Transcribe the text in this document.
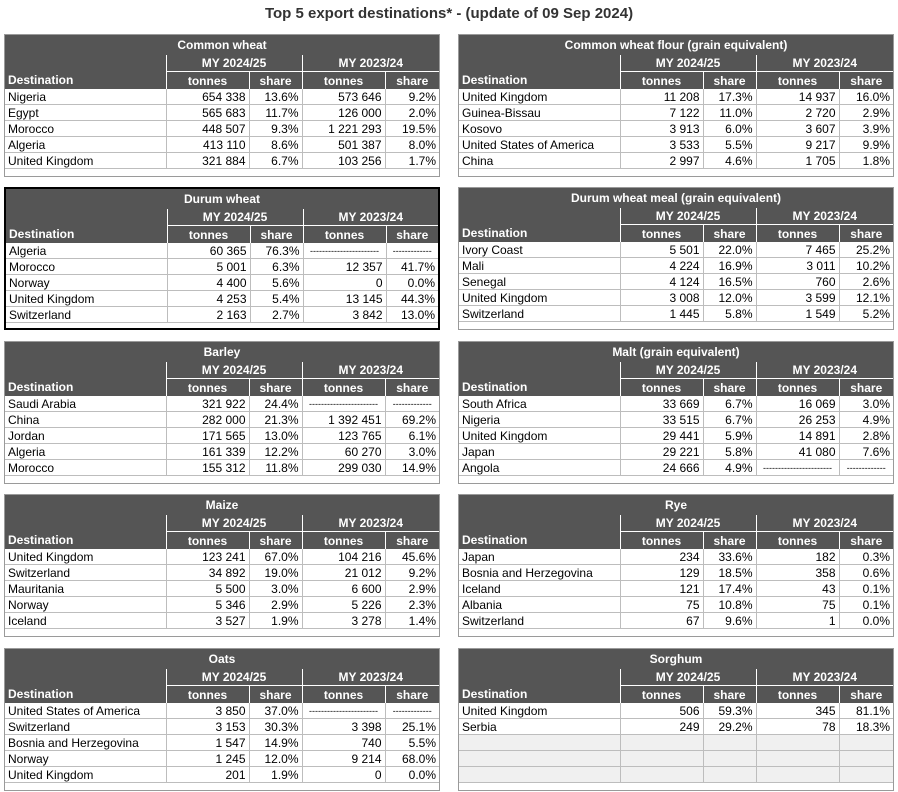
Top 5 export destinations* - (update of 09 Sep 2024)
Common wheat				
	MY 2024/25		MY 2023/24	
Destination	tonnes	share	tonnes	share
Nigeria	654 338	13.6%	573 646	9.2%
Egypt	565 683	11.7%	126 000	2.0%
Morocco	448 507	9.3%	1 221 293	19.5%
Algeria	413 110	8.6%	501 387	8.0%
United Kingdom	321 884	6.7%	103 256	1.7%
Common wheat flour (grain equivalent)				
	MY 2024/25		MY 2023/24	
Destination	tonnes	share	tonnes	share
United Kingdom	11 208	17.3%	14 937	16.0%
Guinea-Bissau	7 122	11.0%	2 720	2.9%
Kosovo	3 913	6.0%	3 607	3.9%
United States of America	3 533	5.5%	9 217	9.9%
China	2 997	4.6%	1 705	1.8%
Durum wheat				
	MY 2024/25		MY 2023/24	
Destination	tonnes	share	tonnes	share
Algeria	60 365	76.3%	-----------------------	-------------
Morocco	5 001	6.3%	12 357	41.7%
Norway	4 400	5.6%	0	0.0%
United Kingdom	4 253	5.4%	13 145	44.3%
Switzerland	2 163	2.7%	3 842	13.0%
Durum wheat meal (grain equivalent)				
	MY 2024/25		MY 2023/24	
Destination	tonnes	share	tonnes	share
Ivory Coast	5 501	22.0%	7 465	25.2%
Mali	4 224	16.9%	3 011	10.2%
Senegal	4 124	16.5%	760	2.6%
United Kingdom	3 008	12.0%	3 599	12.1%
Switzerland	1 445	5.8%	1 549	5.2%
Barley				
	MY 2024/25		MY 2023/24	
Destination	tonnes	share	tonnes	share
Saudi Arabia	321 922	24.4%	-----------------------	-------------
China	282 000	21.3%	1 392 451	69.2%
Jordan	171 565	13.0%	123 765	6.1%
Algeria	161 339	12.2%	60 270	3.0%
Morocco	155 312	11.8%	299 030	14.9%
Malt (grain equivalent)				
	MY 2024/25		MY 2023/24	
Destination	tonnes	share	tonnes	share
South Africa	33 669	6.7%	16 069	3.0%
Nigeria	33 515	6.7%	26 253	4.9%
United Kingdom	29 441	5.9%	14 891	2.8%
Japan	29 221	5.8%	41 080	7.6%
Angola	24 666	4.9%	-----------------------	-------------
Maize				
	MY 2024/25		MY 2023/24	
Destination	tonnes	share	tonnes	share
United Kingdom	123 241	67.0%	104 216	45.6%
Switzerland	34 892	19.0%	21 012	9.2%
Mauritania	5 500	3.0%	6 600	2.9%
Norway	5 346	2.9%	5 226	2.3%
Iceland	3 527	1.9%	3 278	1.4%
Rye				
	MY 2024/25		MY 2023/24	
Destination	tonnes	share	tonnes	share
Japan	234	33.6%	182	0.3%
Bosnia and Herzegovina	129	18.5%	358	0.6%
Iceland	121	17.4%	43	0.1%
Albania	75	10.8%	75	0.1%
Switzerland	67	9.6%	1	0.0%
Oats				
	MY 2024/25		MY 2023/24	
Destination	tonnes	share	tonnes	share
United States of America	3 850	37.0%	-----------------------	-------------
Switzerland	3 153	30.3%	3 398	25.1%
Bosnia and Herzegovina	1 547	14.9%	740	5.5%
Norway	1 245	12.0%	9 214	68.0%
United Kingdom	201	1.9%	0	0.0%
Sorghum				
	MY 2024/25		MY 2023/24	
Destination	tonnes	share	tonnes	share
United Kingdom	506	59.3%	345	81.1%
Serbia	249	29.2%	78	18.3%
